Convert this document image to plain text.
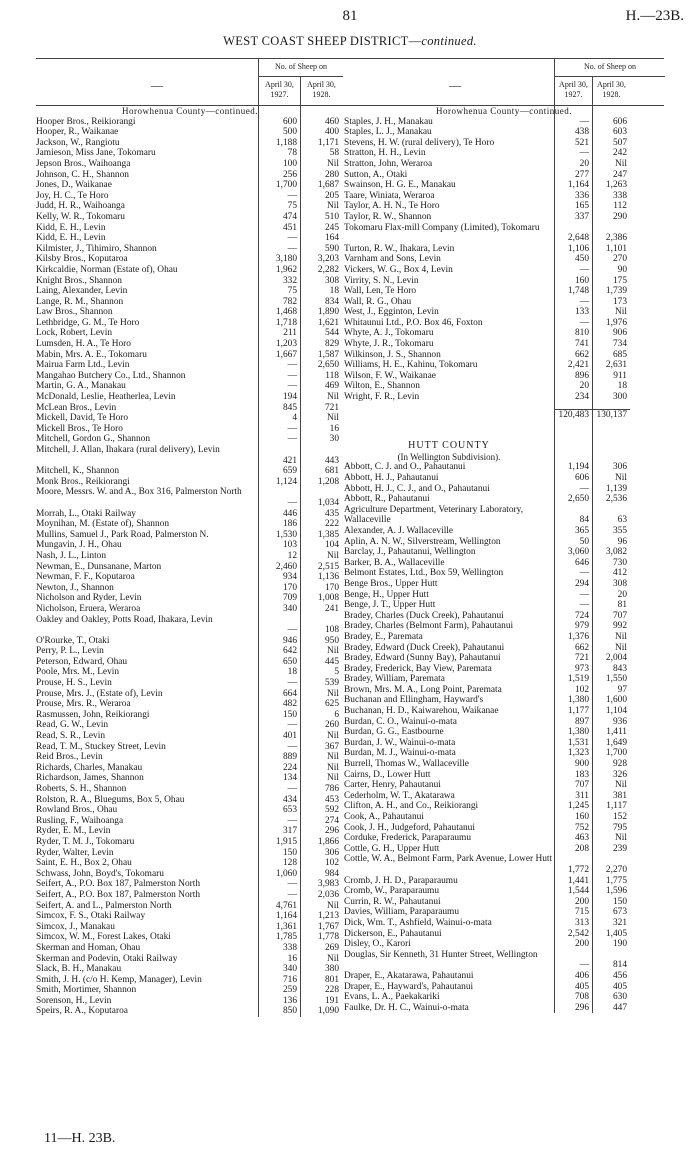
81	H.—23B.
WEST COAST SHEEP DISTRICT—continued.
—
No. of Sheep on
April 30,
1927.
April 30,
1928.
Horowhenua County—continued.
Hooper Bros., Reikiorangi	600	460
Hooper, R., Waikanae	500	400
Jackson, W., Rangiotu	1,188	1,171
Jamieson, Miss Jane, Tokomaru	78	58
Jepson Bros., Waihoanga	100	Nil
Johnson, C. H., Shannon	256	280
Jones, D., Waikanae	1,700	1,687
Joy, H. C., Te Horo	—	205
Judd, H. R., Waihoanga	75	Nil
Kelly, W. R., Tokomaru	474	510
Kidd, E. H., Levin	451	245
Kidd, E. H., Levin	—	164
Kilmister, J., Tihimiro, Shannon	—	590
Kilsby Bros., Koputaroa	3,180	3,203
Kirkcaldie, Norman (Estate of), Ohau	1,962	2,282
Knight Bros., Shannon	332	308
Laing, Alexander, Levin	75	18
Lange, R. M., Shannon	782	834
Law Bros., Shannon	1,468	1,890
Lethbridge, G. M., Te Horo	1,718	1,621
Lock, Robert, Levin	211	544
Lumsden, H. A., Te Horo	1,203	829
Mabin, Mrs. A. E., Tokomaru	1,667	1,587
Mairua Farm Ltd., Levin	—	2,650
Mangahao Butchery Co., Ltd., Shannon	—	118
Martin, G. A., Manakau	—	469
McDonald, Leslie, Heatherlea, Levin	194	Nil
McLean Bros., Levin	845	721
Mickell, David, Te Horo	4	Nil
Mickell Bros., Te Horo	—	16
Mitchell, Gordon G., Shannon	—	30
Mitchell, J. Allan, Ihakara (rural delivery), Levin
421	443
Mitchell, K., Shannon	659	681
Monk Bros., Reikiorangi	1,124	1,208
Moore, Messrs. W. and A., Box 316, Palmerston North
—	1,034
Morrah, L., Otaki Railway	446	435
Moynihan, M. (Estate of), Shannon	186	222
Mullins, Samuel J., Park Road, Palmerston N.	1,530	1,385
Mungavin, J. H., Ohau	103	104
Nash, J. L., Linton	12	Nil
Newman, E., Dunsanane, Marton	2,460	2,515
Newman, F. F., Koputaroa	934	1,136
Newton, J., Shannon	170	170
Nicholson and Ryder, Levin	709	1,008
Nicholson, Eruera, Weraroa	340	241
Oakley and Oakley, Potts Road, Ihakara, Levin
—	108
O'Rourke, T., Otaki	946	950
Perry, P. L., Levin	642	Nil
Peterson, Edward, Ohau	650	445
Poole, Mrs. M., Levin	18	5
Prouse, H. S., Levin	—	539
Prouse, Mrs. J., (Estate of), Levin	664	Nil
Prouse, Mrs. R., Weraroa	482	625
Rasmussen, John, Reikiorangi	150	6
Read, G. W., Levin	—	260
Read, S. R., Levin	401	Nil
Read, T. M., Stuckey Street, Levin	—	367
Reid Bros., Levin	889	Nil
Richards, Charles, Manakau	224	Nil
Richardson, James, Shannon	134	Nil
Roberts, S. H., Shannon	—	786
Rolston, R. A., Bluegums, Box 5, Ohau	434	453
Rowland Bros., Ohau	653	592
Rusling, F., Waihoanga	—	274
Ryder, E. M., Levin	317	296
Ryder, T. M. J., Tokomaru	1,915	1,866
Ryder, Walter, Levin	150	306
Saint, E. H., Box 2, Ohau	128	102
Schwass, John, Boyd's, Tokomaru	1,060	984
Seifert, A., P.O. Box 187, Palmerston North	—	3,983
Seifert, A., P.O. Box 187, Palmerston North	—	2,036
Seifert, A. and L., Palmerston North	4,761	Nil
Simcox, F. S., Otaki Railway	1,164	1,213
Simcox, J., Manakau	1,361	1,767
Simcox, W. M., Forest Lakes, Otaki	1,785	1,778
Skerman and Homan, Ohau	338	269
Skerman and Podevin, Otaki Railway	16	Nil
Slack, B. H., Manakau	340	380
Smith, J. H. (c/o H. Kemp, Manager), Levin	716	801
Smith, Mortimer, Shannon	259	228
Sorenson, H., Levin	136	191
Speirs, R. A., Koputaroa	850	1,090
—
No. of Sheep on
April 30,
1927.
April 30,
1928.
Horowhenua County—continued.
Staples, J. H., Manakau	—	606
Staples, L. J., Manakau	438	603
Stevens, H. W. (rural delivery), Te Horo	521	507
Stratton, H. H., Levin	—	242
Stratton, John, Weraroa	20	Nil
Sutton, A., Otaki	277	247
Swainson, H. G. E., Manakau	1,164	1,263
Taare, Winiata, Weraroa	336	338
Taylor, A. H. N., Te Horo	165	112
Taylor, R. W., Shannon	337	290
Tokomaru Flax-mill Company (Limited), Tokomaru
2,648	2,386
Turton, R. W., Ihakara, Levin	1,106	1,101
Varnham and Sons, Levin	450	270
Vickers, W. G., Box 4, Levin	—	90
Virrity, S. N., Levin	160	175
Wall, Len, Te Horo	1,748	1,739
Wall, R. G., Ohau	—	173
West, J., Egginton, Levin	133	Nil
Whitaunui Ltd., P.O. Box 46, Foxton	—	1,976
Whyte, A. J., Tokomaru	810	906
Whyte, J. R., Tokomaru	741	734
Wilkinson, J. S., Shannon	662	685
Williams, H. E., Kahinu, Tokomaru	2,421	2,631
Wilson, F. W., Waikanae	896	911
Wilton, E., Shannon	20	18
Wright, F. R., Levin	234	300
120,483 130,137
HUTT COUNTY
(In Wellington Subdivision).
Abbott, C. J. and O., Pahautanui	1,194	306
Abbott, H. J., Pahautanui	606	Nil
Abbott, H. J., C. J., and O., Pahautanui	—	1,139
Abbott, R., Pahautanui	2,650	2,536
Agriculture Department, Veterinary Laboratory, Wallaceville	84	63
Alexander, A. J. Wallaceville	365	355
Aplin, A. N. W., Silverstream, Wellington	50	96
Barclay, J., Pahautanui, Wellington	3,060	3,082
Barker, B. A., Wallaceville	646	730
Belmont Estates, Ltd., Box 59, Wellington	—	412
Benge Bros., Upper Hutt	294	308
Benge, H., Upper Hutt	—	20
Benge, J. T., Upper Hutt	—	81
Bradey, Charles (Duck Creek), Pahautanui	724	707
Bradey, Charles (Belmont Farm), Pahautanui	979	992
Bradey, E., Paremata	1,376	Nil
Bradey, Edward (Duck Creek), Pahautanui	662	Nil
Bradey, Edward (Sunny Bay), Pahautanui	721	2,004
Bradey, Frederick, Bay View, Paremata	973	843
Bradey, William, Paremata	1,519	1,550
Brown, Mrs. M. A., Long Point, Paremata	102	97
Buchanan and Ellingham, Hayward's	1,380	1,600
Buchanan, H. D., Kaiwarehou, Waikanae	1,177	1,104
Burdan, C. O., Wainui-o-mata	897	936
Burdan, G. G., Eastbourne	1,380	1,411
Burdan, J. W., Wainui-o-mata	1,531	1,649
Burdan, M. J., Wainui-o-mata	1,323	1,700
Burrell, Thomas W., Wallaceville	900	928
Cairns, D., Lower Hutt	183	326
Carter, Henry, Pahautanui	707	Nil
Cederholm, W. T., Akatarawa	311	381
Clifton, A. H., and Co., Reikiorangi	1,245	1,117
Cook, A., Pahautanui	160	152
Cook, J. H., Judgeford, Pahautanui	752	795
Corduke, Frederick, Paraparaumu	463	Nil
Cottle, G. H., Upper Hutt	208	239
Cottle, W. A., Belmont Farm, Park Avenue, Lower Hutt
1,772	2,270
Cromb, J. H. D., Paraparaumu	1,441	1,775
Cromb, W., Paraparaumu	1,544	1,596
Currin, R. W., Pahautanui	200	150
Davies, William, Paraparaumu	715	673
Dick, Wm. T., Ashfield, Wainui-o-mata	313	321
Dickerson, E., Pahautanui	2,542	1,405
Disley, O., Karori	200	190
Douglas, Sir Kenneth, 31 Hunter Street, Wellington
—	814
Draper, E., Akatarawa, Pahautanui	406	456
Draper, E., Hayward's, Pahautanui	405	405
Evans, L. A., Paekakariki	708	630
Faulke, Dr. H. C., Wainui-o-mata	296	447
11—H. 23B.
